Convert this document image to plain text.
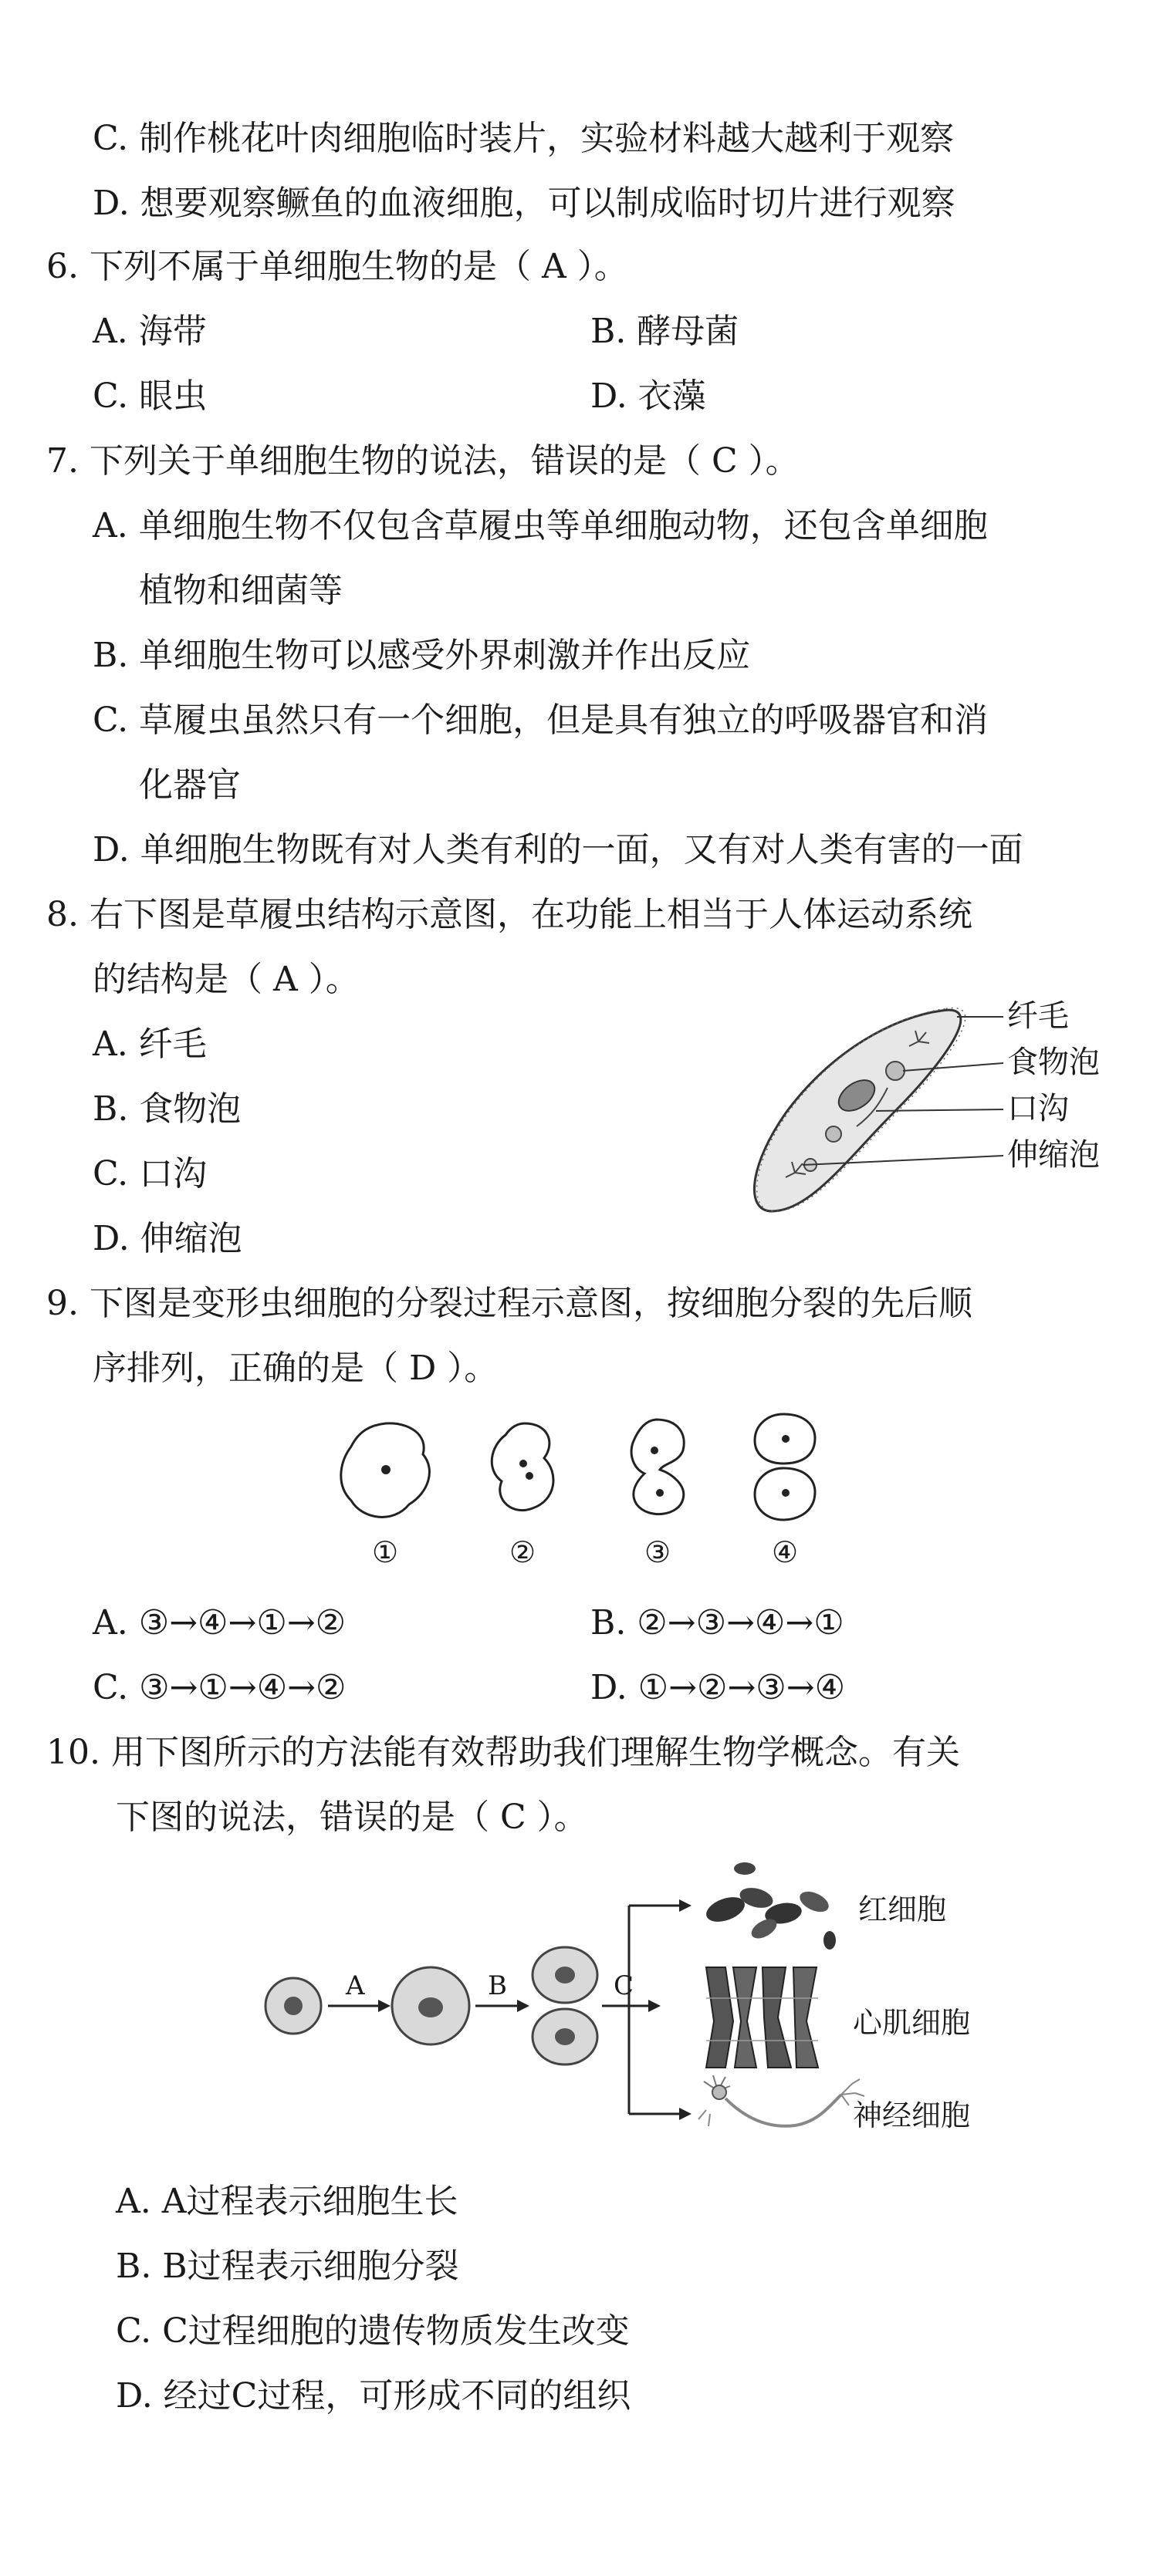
C. 制作桃花叶肉细胞临时装片，实验材料越大越利于观察
D. 想要观察鳜鱼的血液细胞，可以制成临时切片进行观察
6. 下列不属于单细胞生物的是（ A ）。
A. 海带	B. 酵母菌
C. 眼虫	D. 衣藻
7. 下列关于单细胞生物的说法，错误的是（ C ）。
A. 单细胞生物不仅包含草履虫等单细胞动物，还包含单细胞
植物和细菌等
B. 单细胞生物可以感受外界刺激并作出反应
C. 草履虫虽然只有一个细胞，但是具有独立的呼吸器官和消
化器官
D. 单细胞生物既有对人类有利的一面，又有对人类有害的一面
8. 右下图是草履虫结构示意图，在功能上相当于人体运动系统
的结构是（ A ）。
A. 纤毛
B. 食物泡
C. 口沟
D. 伸缩泡
纤毛
食物泡
口沟
伸缩泡
9. 下图是变形虫细胞的分裂过程示意图，按细胞分裂的先后顺
序排列，正确的是（ D ）。
①	②	③	④
A. ③→④→①→②	B. ②→③→④→①
C. ③→①→④→②	D. ①→②→③→④
10. 用下图所示的方法能有效帮助我们理解生物学概念。有关
下图的说法，错误的是（ C ）。
A	B	C
红细胞
心肌细胞
神经细胞
A. A过程表示细胞生长
B. B过程表示细胞分裂
C. C过程细胞的遗传物质发生改变
D. 经过C过程，可形成不同的组织
